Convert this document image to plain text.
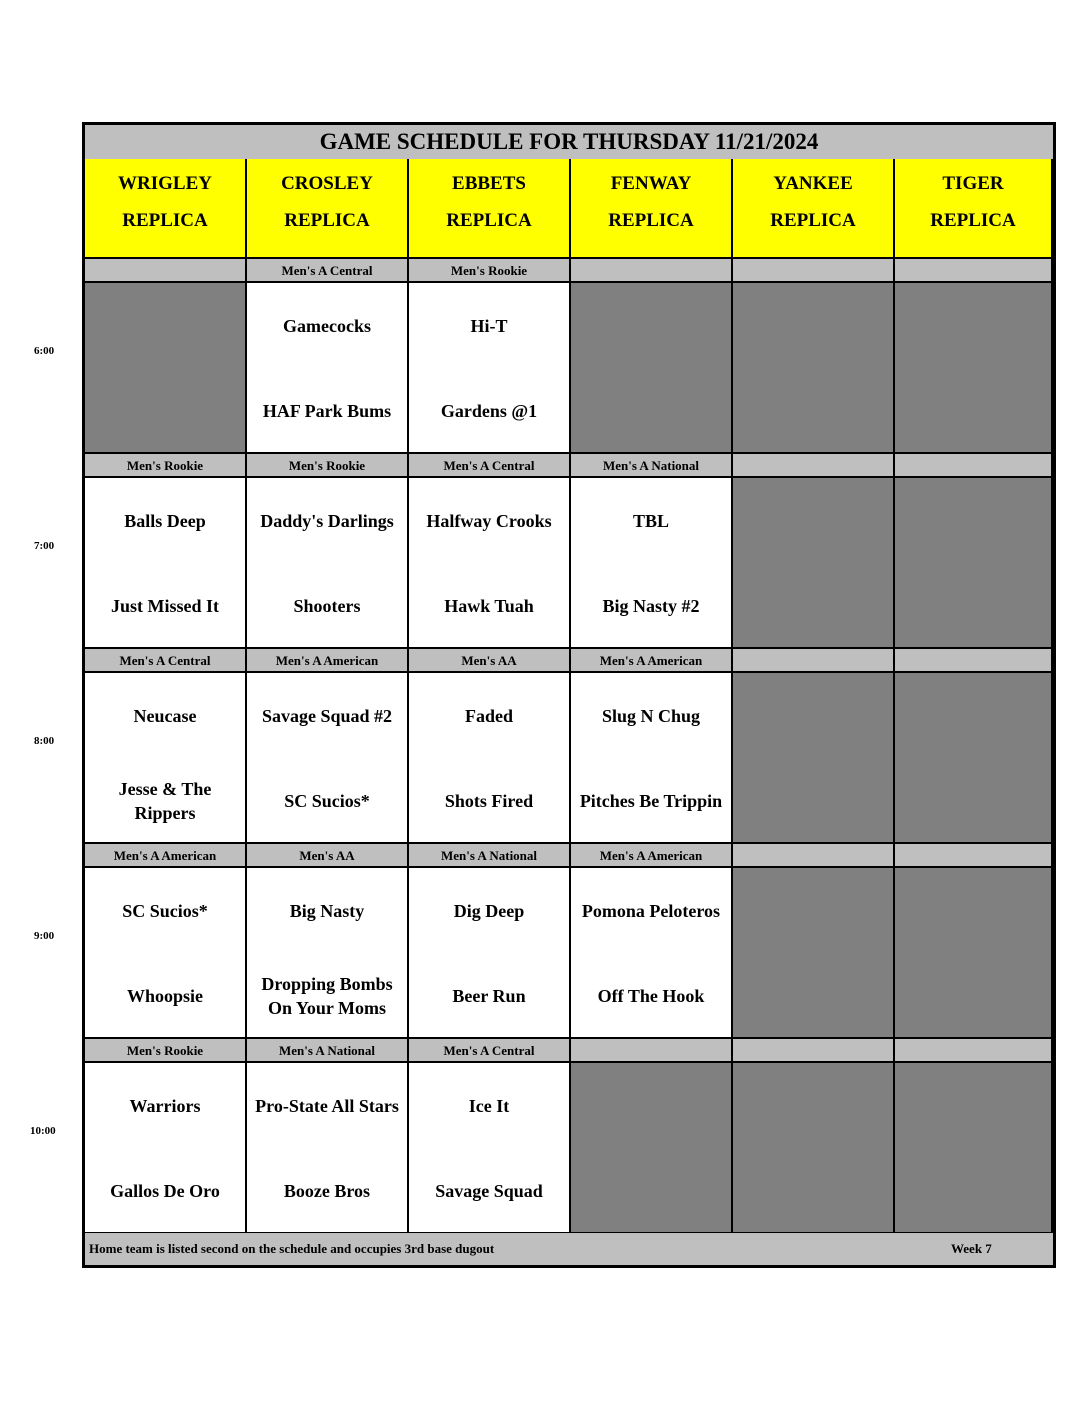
GAME SCHEDULE FOR THURSDAY 11/21/2024
WRIGLEY
REPLICA
CROSLEY
REPLICA
EBBETS
REPLICA
FENWAY
REPLICA
YANKEE
REPLICA
TIGER
REPLICA
Men's A Central
Gamecocks
HAF Park Bums
Men's Rookie
Hi-T
Gardens @1
Men's Rookie
Balls Deep
Just Missed It
Men's Rookie
Daddy's Darlings
Shooters
Men's A Central
Halfway Crooks
Hawk Tuah
Men's A National
TBL
Big Nasty #2
Men's A Central
Neucase
Jesse & The Rippers
Men's A American
Savage Squad #2
SC Sucios*
Men's AA
Faded
Shots Fired
Men's A American
Slug N Chug
Pitches Be Trippin
Men's A American
SC Sucios*
Whoopsie
Men's AA
Big Nasty
Dropping Bombs On Your Moms
Men's A National
Dig Deep
Beer Run
Men's A American
Pomona Peloteros
Off The Hook
Men's Rookie
Warriors
Gallos De Oro
Men's A National
Pro-State All Stars
Booze Bros
Men's A Central
Ice It
Savage Squad
Home team is listed second on the schedule and occupies 3rd base dugout	Week 7
6:00
7:00
8:00
9:00
10:00
